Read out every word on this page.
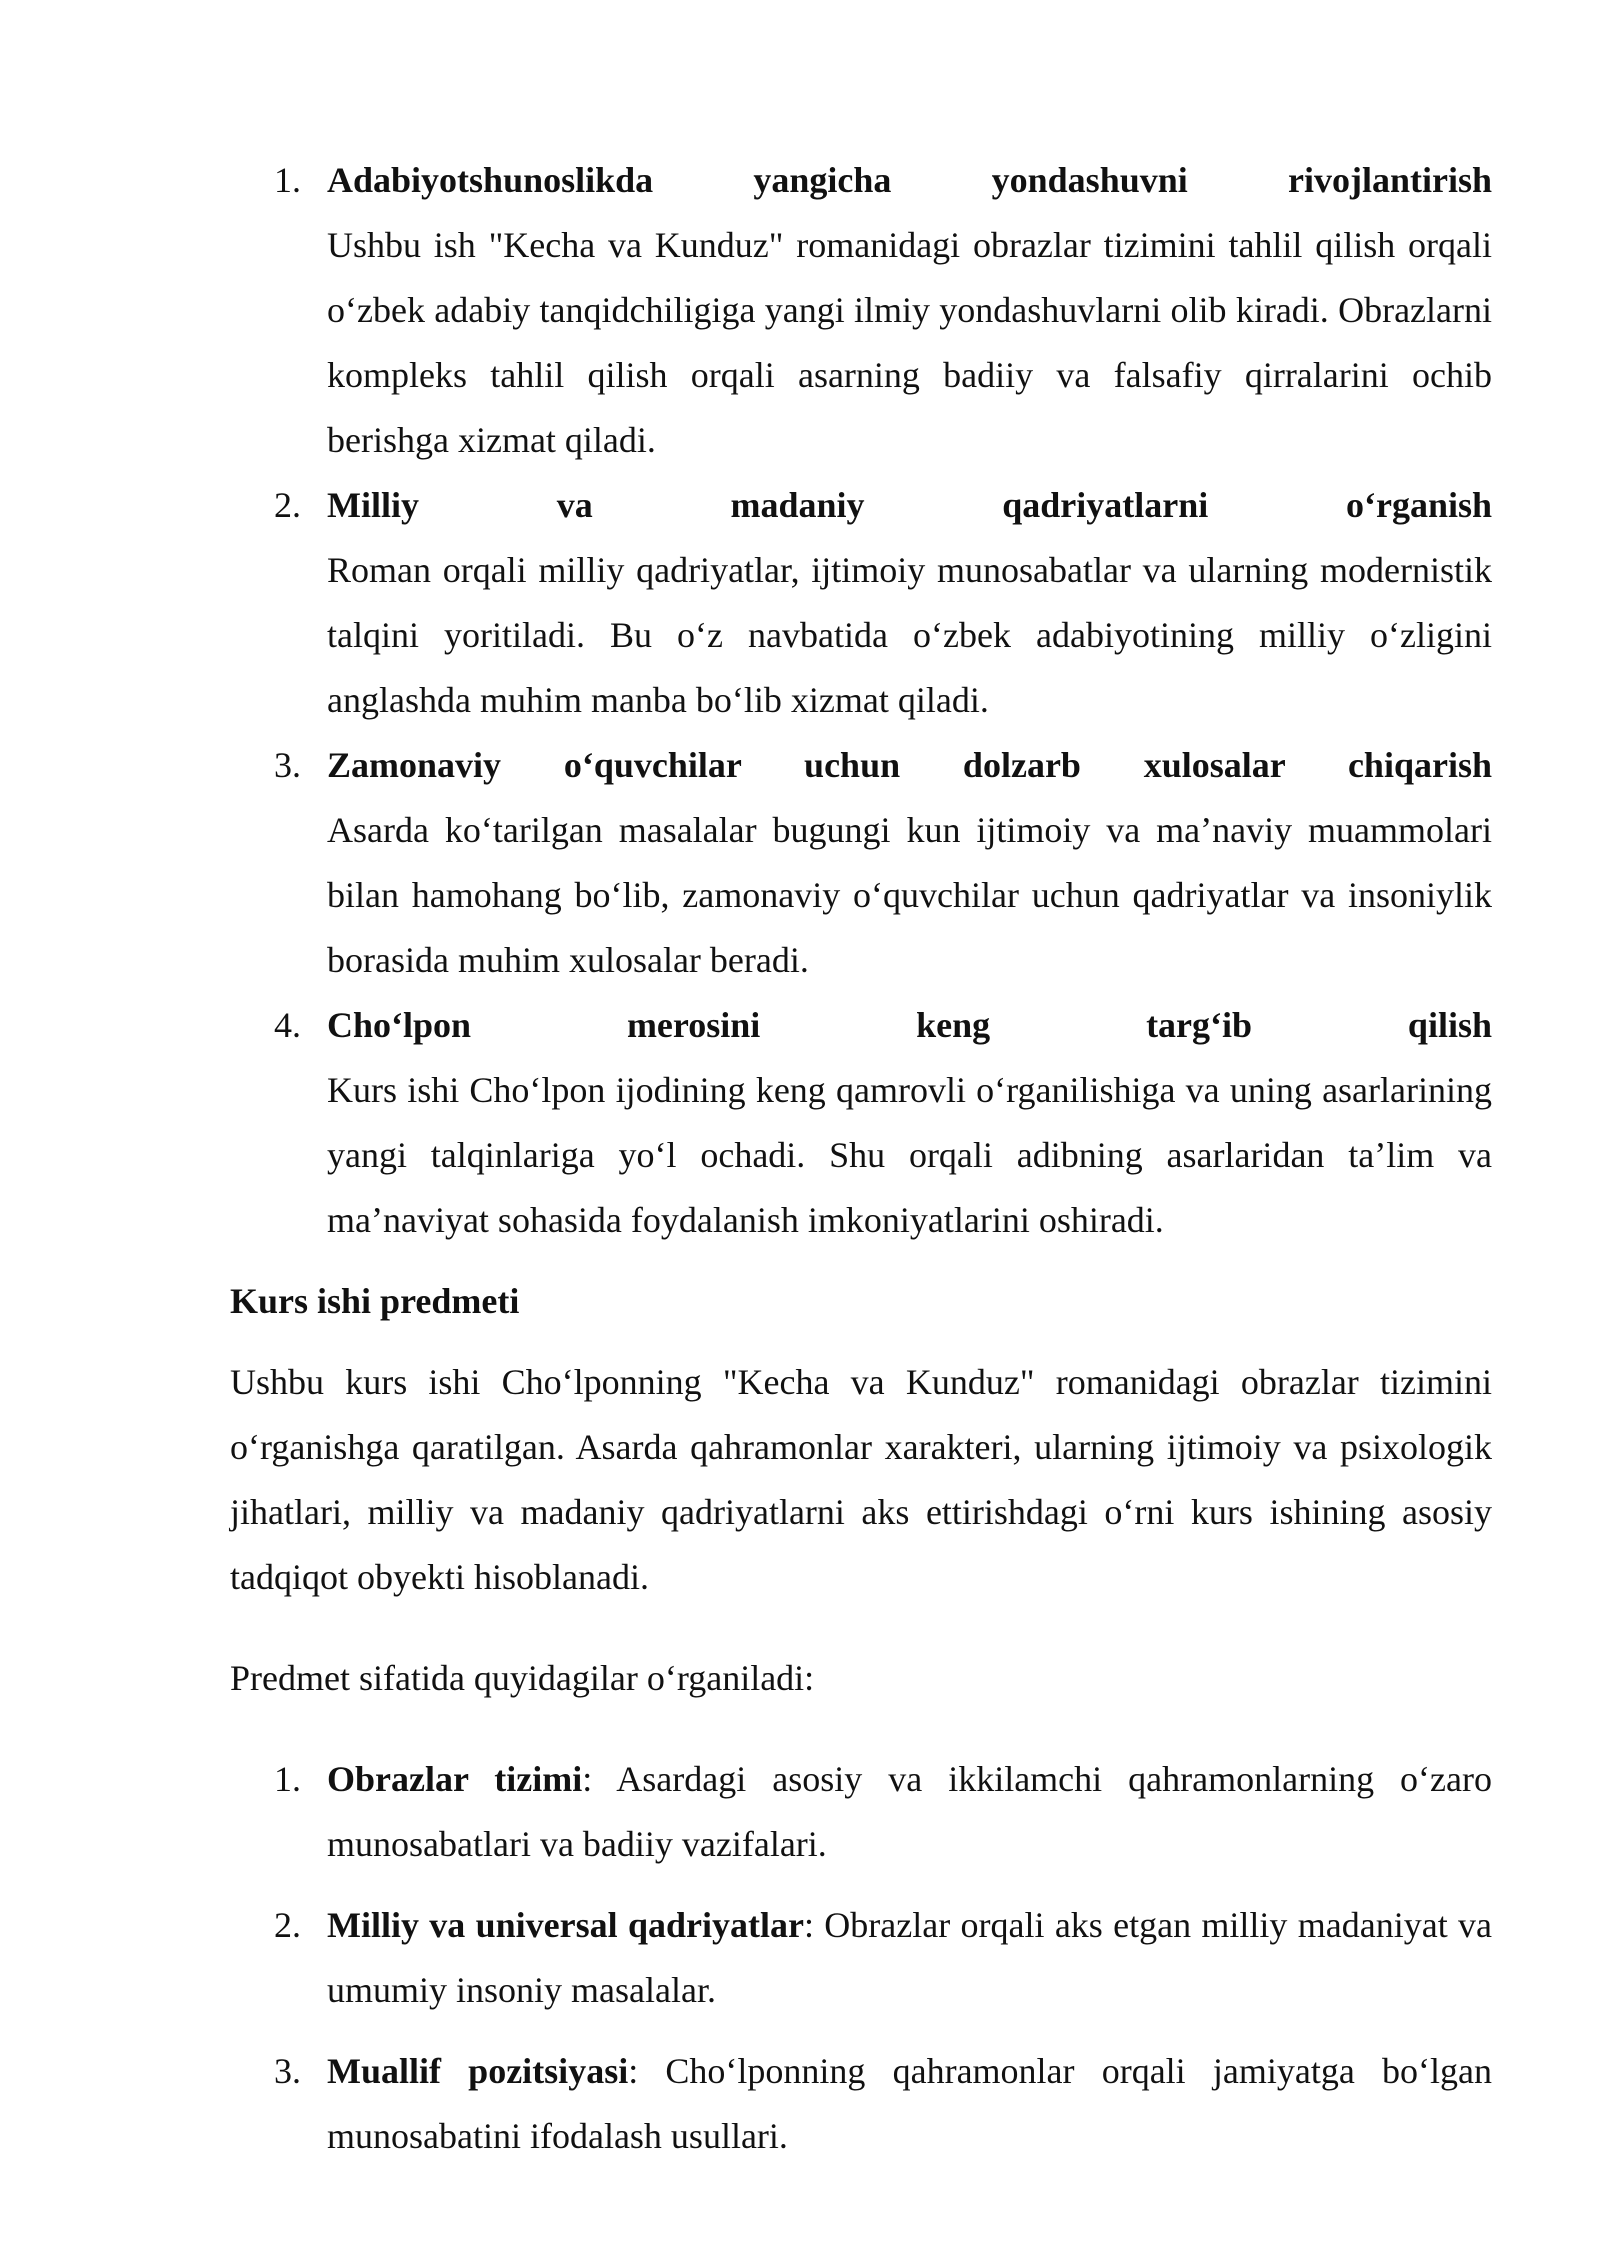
1. Adabiyotshunoslikda yangicha yondashuvni rivojlantirish
Ushbu ish "Kecha va Kunduz" romanidagi obrazlar tizimini tahlil qilish orqali oʻzbek adabiy tanqidchiligiga yangi ilmiy yondashuvlarni olib kiradi. Obrazlarni kompleks tahlil qilish orqali asarning badiiy va falsafiy qirralarini ochib berishga xizmat qiladi.
2. Milliy va madaniy qadriyatlarni oʻrganish
Roman orqali milliy qadriyatlar, ijtimoiy munosabatlar va ularning modernistik talqini yoritiladi. Bu oʻz navbatida oʻzbek adabiyotining milliy oʻzligini anglashda muhim manba boʻlib xizmat qiladi.
3. Zamonaviy oʻquvchilar uchun dolzarb xulosalar chiqarish
Asarda koʻtarilgan masalalar bugungi kun ijtimoiy va maʼnaviy muammolari bilan hamohang boʻlib, zamonaviy oʻquvchilar uchun qadriyatlar va insoniylik borasida muhim xulosalar beradi.
4. Choʻlpon merosini keng targʻib qilish
Kurs ishi Choʻlpon ijodining keng qamrovli oʻrganilishiga va uning asarlarining yangi talqinlariga yoʻl ochadi. Shu orqali adibning asarlaridan taʼlim va maʼnaviyat sohasida foydalanish imkoniyatlarini oshiradi.
Kurs ishi predmeti

Ushbu kurs ishi Choʻlponning "Kecha va Kunduz" romanidagi obrazlar tizimini oʻrganishga qaratilgan. Asarda qahramonlar xarakteri, ularning ijtimoiy va psixologik jihatlari, milliy va madaniy qadriyatlarni aks ettirishdagi oʻrni kurs ishining asosiy tadqiqot obyekti hisoblanadi.

Predmet sifatida quyidagilar oʻrganiladi:

1. Obrazlar tizimi: Asardagi asosiy va ikkilamchi qahramonlarning oʻzaro munosabatlari va badiiy vazifalari.
2. Milliy va universal qadriyatlar: Obrazlar orqali aks etgan milliy madaniyat va umumiy insoniy masalalar.
3. Muallif pozitsiyasi: Choʻlponning qahramonlar orqali jamiyatga boʻlgan munosabatini ifodalash usullari.
